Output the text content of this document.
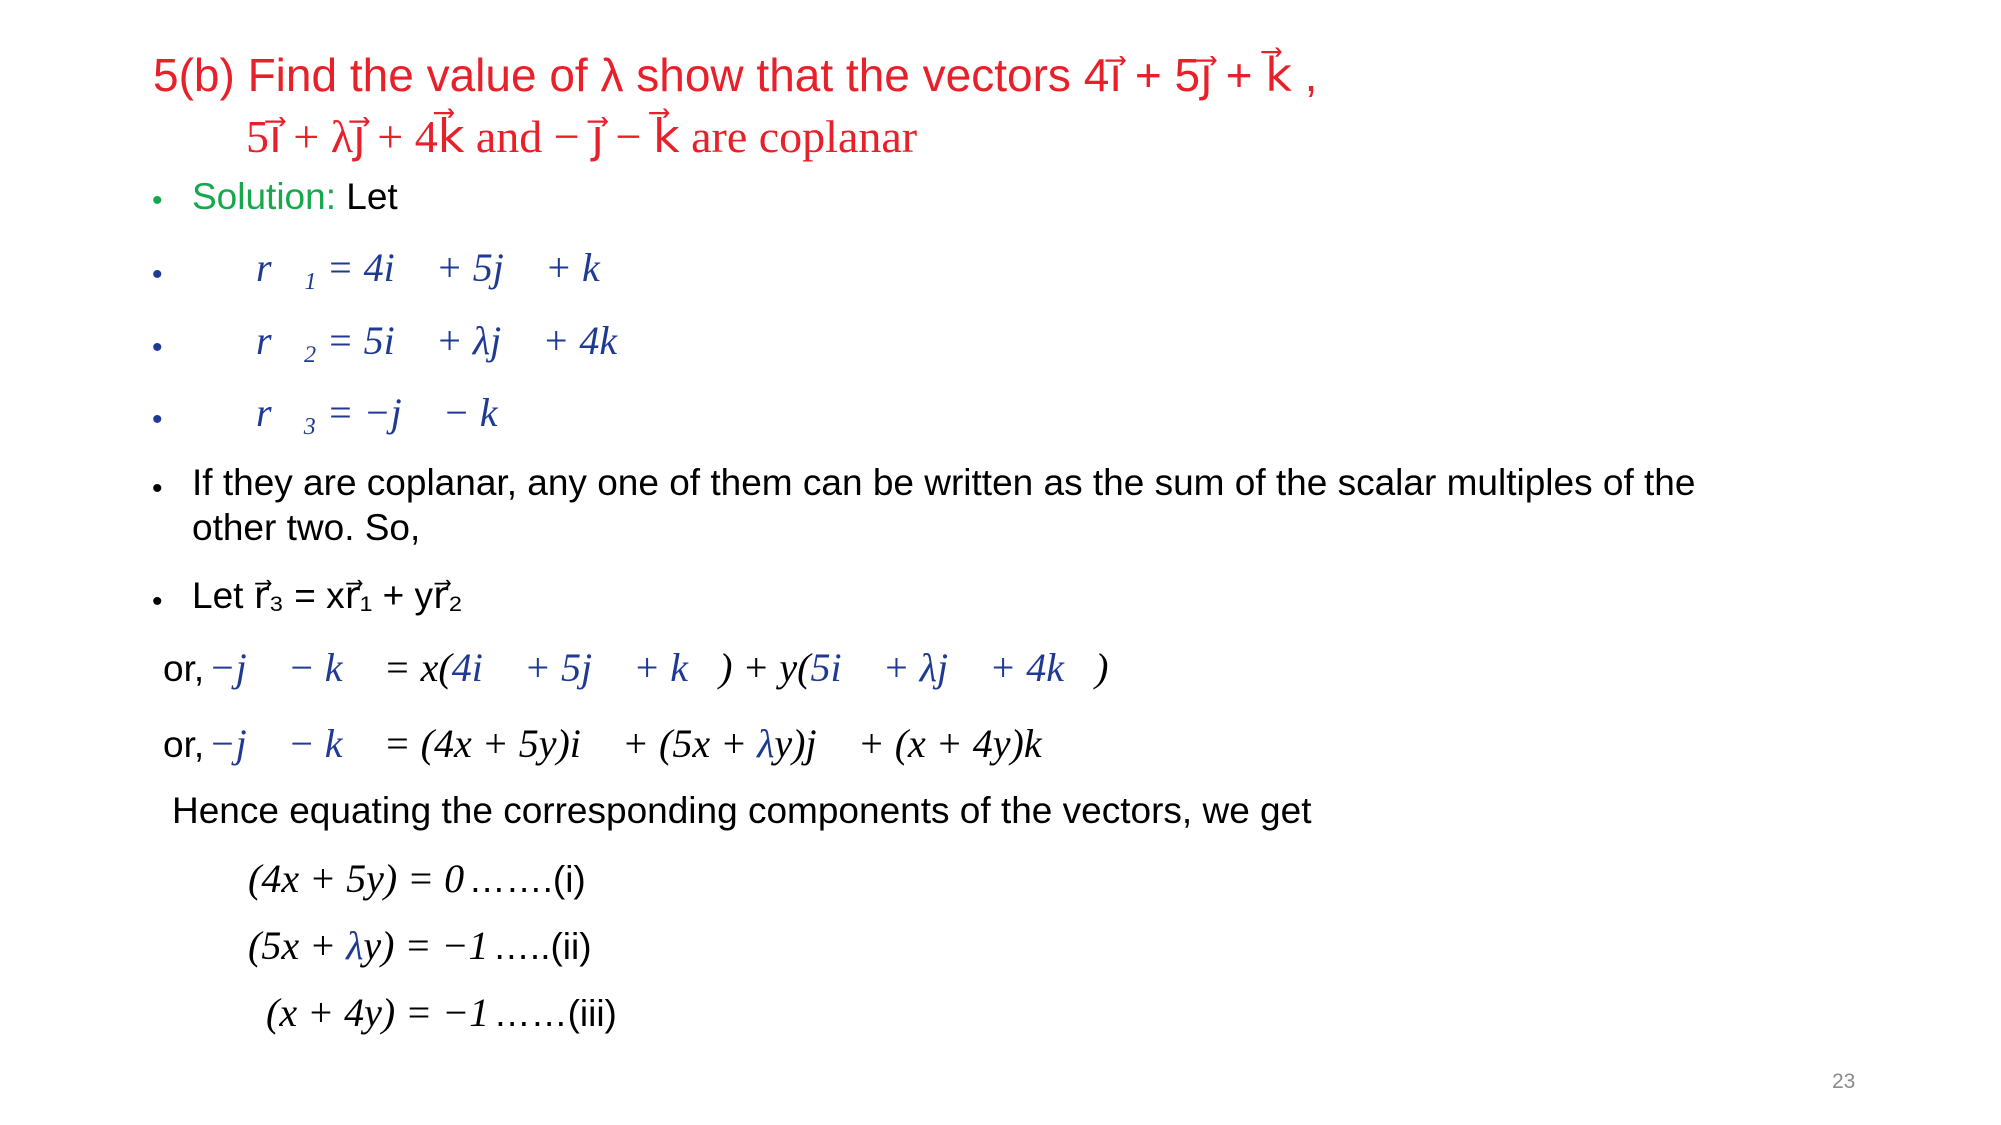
5(b) Find the value of λ show that the vectors 4i⃗ + 5j⃗ + k⃗ ,
5i⃗ + λj⃗ + 4k⃗ and − j⃗ − k⃗ are coplanar
• Solution: Let
• r⃗₁ = 4i⃗ + 5j⃗ + k⃗
• r⃗₂ = 5i⃗ + λj⃗ + 4k⃗
• r⃗₃ = −j⃗ − k⃗
• If they are coplanar, any one of them can be written as the sum of the scalar multiples of the
other two. So,
• Let r⃗₃ = xr⃗₁ + yr⃗₂
or, −j⃗ − k⃗ = x(4i⃗ + 5j⃗ + k⃗) + y(5i⃗ + λj⃗ + 4k⃗)
or, −j⃗ − k⃗ = (4x + 5y)i⃗ + (5x + λy)j⃗ + (x + 4y)k⃗
Hence equating the corresponding components of the vectors, we get
(4x + 5y) = 0 …….(i)
(5x + λy) = −1 …..(ii)
(x + 4y) = −1 ……(iii)
23
